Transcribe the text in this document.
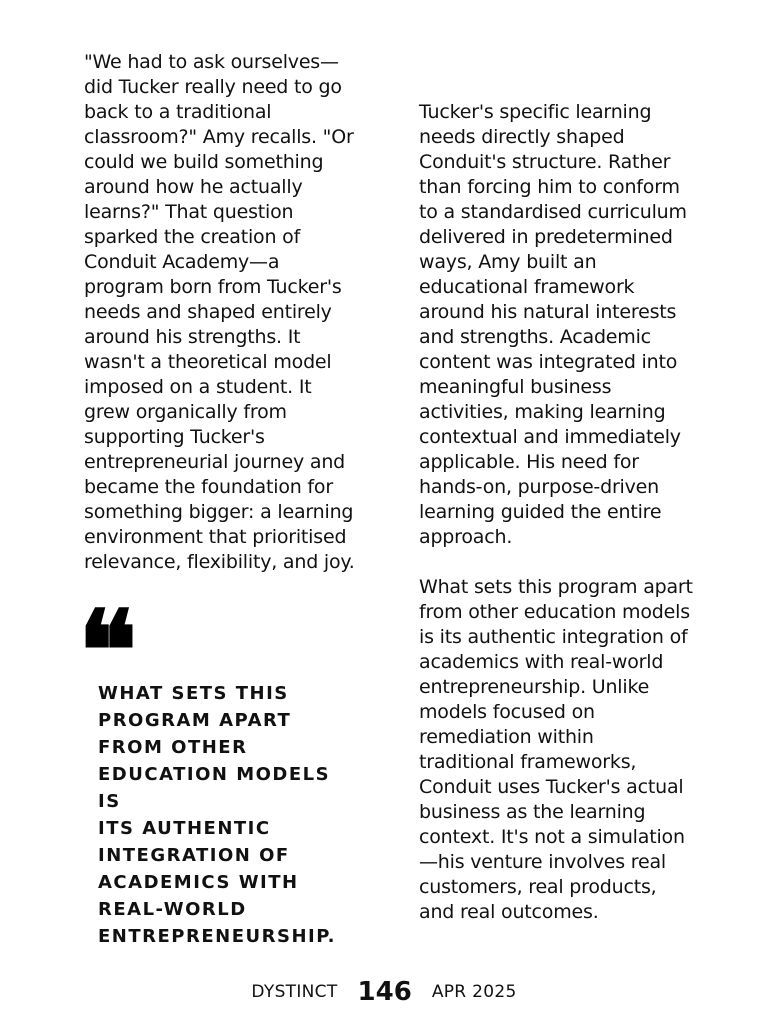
"We had to ask ourselves—
did Tucker really need to go
back to a traditional
classroom?" Amy recalls. "Or
could we build something
around how he actually
learns?" That question
sparked the creation of
Conduit Academy—a
program born from Tucker's
needs and shaped entirely
around his strengths. It
wasn't a theoretical model
imposed on a student. It
grew organically from
supporting Tucker's
entrepreneurial journey and
became the foundation for
something bigger: a learning
environment that prioritised
relevance, flexibility, and joy.

❝

WHAT SETS THIS
PROGRAM APART
FROM OTHER
EDUCATION MODELS IS
ITS AUTHENTIC
INTEGRATION OF
ACADEMICS WITH
REAL-WORLD
ENTREPRENEURSHIP.

Tucker's specific learning
needs directly shaped
Conduit's structure. Rather
than forcing him to conform
to a standardised curriculum
delivered in predetermined
ways, Amy built an
educational framework
around his natural interests
and strengths. Academic
content was integrated into
meaningful business
activities, making learning
contextual and immediately
applicable. His need for
hands-on, purpose-driven
learning guided the entire
approach.

What sets this program apart
from other education models
is its authentic integration of
academics with real-world
entrepreneurship. Unlike
models focused on
remediation within
traditional frameworks,
Conduit uses Tucker's actual
business as the learning
context. It's not a simulation
—his venture involves real
customers, real products,
and real outcomes.

DYSTINCT 146 APR 2025
